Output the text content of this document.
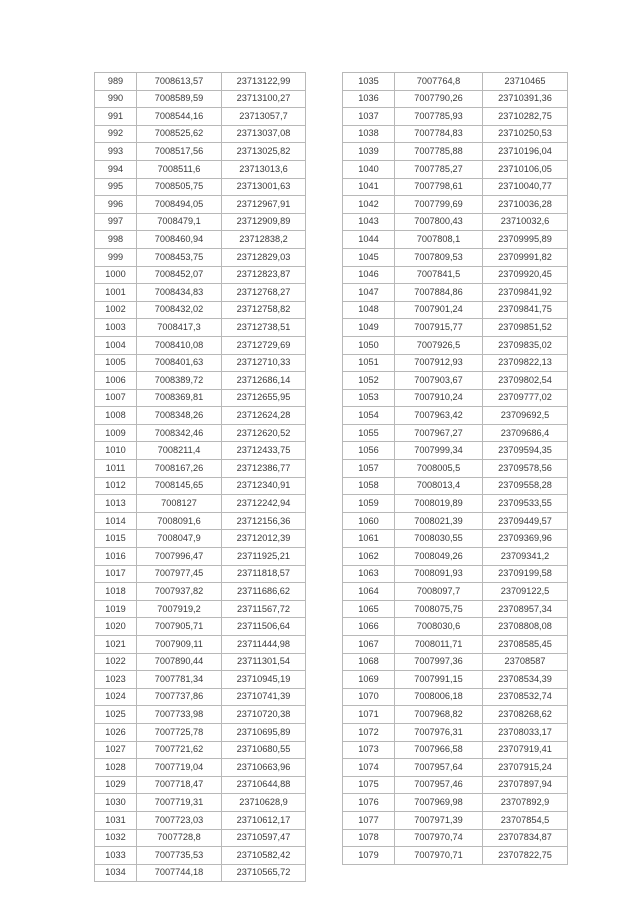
989	7008613,57	23713122,99
990	7008589,59	23713100,27
991	7008544,16	23713057,7
992	7008525,62	23713037,08
993	7008517,56	23713025,82
994	7008511,6	23713013,6
995	7008505,75	23713001,63
996	7008494,05	23712967,91
997	7008479,1	23712909,89
998	7008460,94	23712838,2
999	7008453,75	23712829,03
1000	7008452,07	23712823,87
1001	7008434,83	23712768,27
1002	7008432,02	23712758,82
1003	7008417,3	23712738,51
1004	7008410,08	23712729,69
1005	7008401,63	23712710,33
1006	7008389,72	23712686,14
1007	7008369,81	23712655,95
1008	7008348,26	23712624,28
1009	7008342,46	23712620,52
1010	7008211,4	23712433,75
1011	7008167,26	23712386,77
1012	7008145,65	23712340,91
1013	7008127	23712242,94
1014	7008091,6	23712156,36
1015	7008047,9	23712012,39
1016	7007996,47	23711925,21
1017	7007977,45	23711818,57
1018	7007937,82	23711686,62
1019	7007919,2	23711567,72
1020	7007905,71	23711506,64
1021	7007909,11	23711444,98
1022	7007890,44	23711301,54
1023	7007781,34	23710945,19
1024	7007737,86	23710741,39
1025	7007733,98	23710720,38
1026	7007725,78	23710695,89
1027	7007721,62	23710680,55
1028	7007719,04	23710663,96
1029	7007718,47	23710644,88
1030	7007719,31	23710628,9
1031	7007723,03	23710612,17
1032	7007728,8	23710597,47
1033	7007735,53	23710582,42
1034	7007744,18	23710565,72
1035	7007764,8	23710465
1036	7007790,26	23710391,36
1037	7007785,93	23710282,75
1038	7007784,83	23710250,53
1039	7007785,88	23710196,04
1040	7007785,27	23710106,05
1041	7007798,61	23710040,77
1042	7007799,69	23710036,28
1043	7007800,43	23710032,6
1044	7007808,1	23709995,89
1045	7007809,53	23709991,82
1046	7007841,5	23709920,45
1047	7007884,86	23709841,92
1048	7007901,24	23709841,75
1049	7007915,77	23709851,52
1050	7007926,5	23709835,02
1051	7007912,93	23709822,13
1052	7007903,67	23709802,54
1053	7007910,24	23709777,02
1054	7007963,42	23709692,5
1055	7007967,27	23709686,4
1056	7007999,34	23709594,35
1057	7008005,5	23709578,56
1058	7008013,4	23709558,28
1059	7008019,89	23709533,55
1060	7008021,39	23709449,57
1061	7008030,55	23709369,96
1062	7008049,26	23709341,2
1063	7008091,93	23709199,58
1064	7008097,7	23709122,5
1065	7008075,75	23708957,34
1066	7008030,6	23708808,08
1067	7008011,71	23708585,45
1068	7007997,36	23708587
1069	7007991,15	23708534,39
1070	7008006,18	23708532,74
1071	7007968,82	23708268,62
1072	7007976,31	23708033,17
1073	7007966,58	23707919,41
1074	7007957,64	23707915,24
1075	7007957,46	23707897,94
1076	7007969,98	23707892,9
1077	7007971,39	23707854,5
1078	7007970,74	23707834,87
1079	7007970,71	23707822,75
